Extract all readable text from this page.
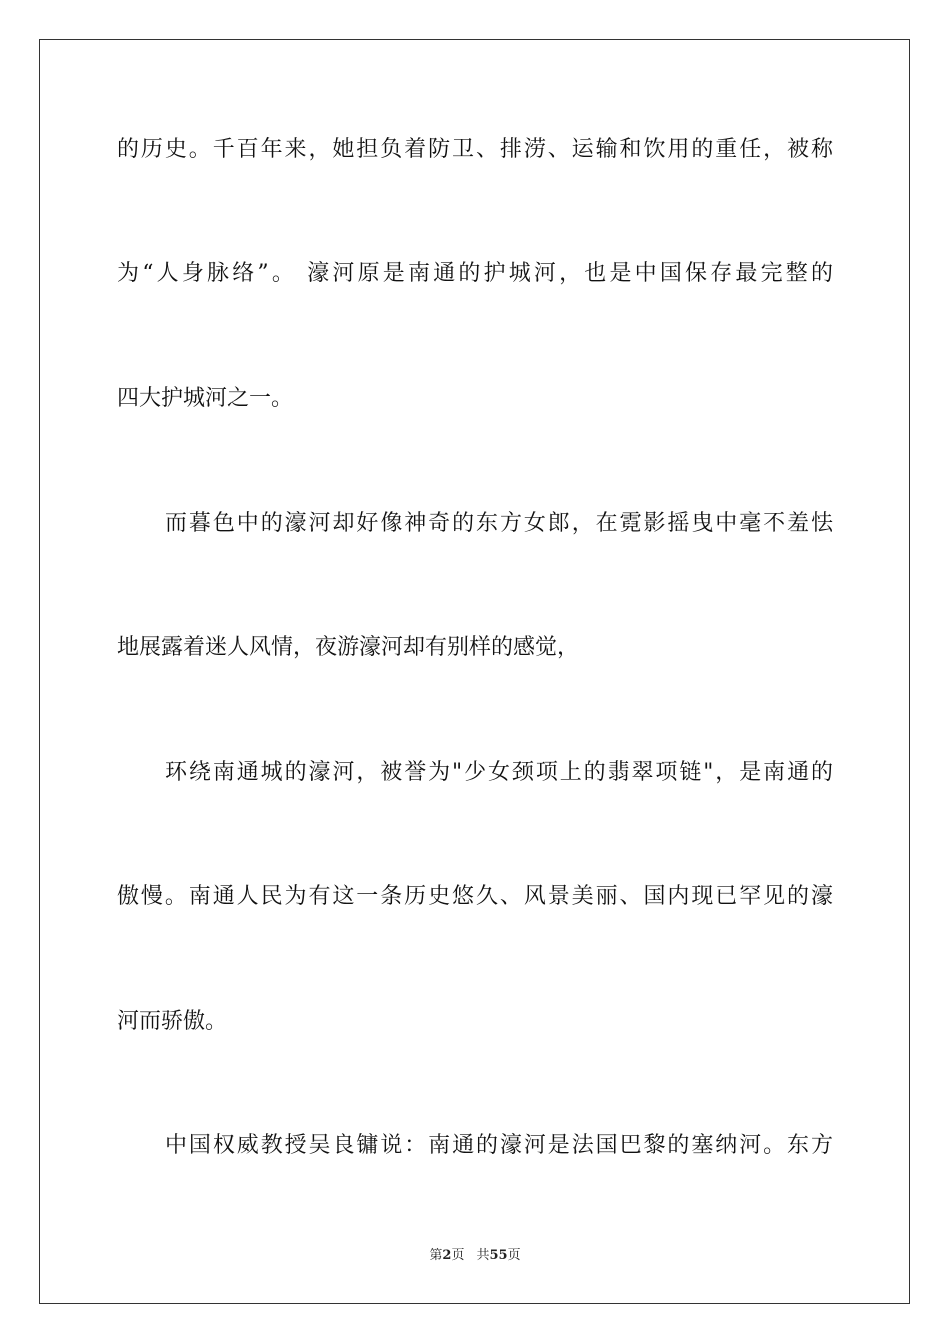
的历史。千百年来，她担负着防卫、排涝、运输和饮用的重任，被称
为“人身脉络”。 濠河原是南通的护城河，也是中国保存最完整的
四大护城河之一。
而暮色中的濠河却好像神奇的东方女郎，在霓影摇曳中毫不羞怯
地展露着迷人风情，夜游濠河却有别样的感觉，
环绕南通城的濠河，被誉为"少女颈项上的翡翠项链"，是南通的
傲慢。南通人民为有这一条历史悠久、风景美丽、国内现已罕见的濠
河而骄傲。
中国权威教授吴良镛说：南通的濠河是法国巴黎的塞纳河。东方
第2页 共55页
